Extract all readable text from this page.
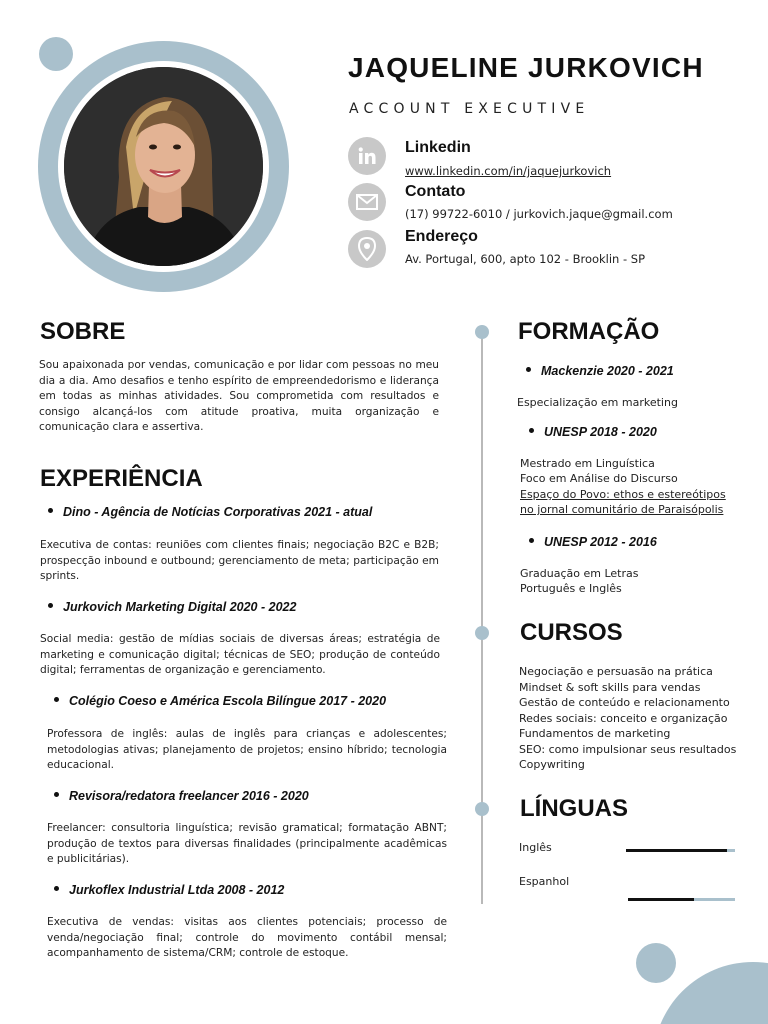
JAQUELINE JURKOVICH
ACCOUNT EXECUTIVE
Linkedin
www.linkedin.com/in/jaquejurkovich
Contato
(17) 99722-6010 / jurkovich.jaque@gmail.com
Endereço
Av. Portugal, 600, apto 102 - Brooklin - SP
SOBRE
Sou apaixonada por vendas, comunicação e por lidar com pessoas no meu dia a dia. Amo desafios e tenho espírito de empreendedorismo e liderança em todas as minhas atividades. Sou comprometida com resultados e consigo alcançá-los com atitude proativa, muita organização e comunicação clara e assertiva.
EXPERIÊNCIA
Dino - Agência de Notícias Corporativas 2021 - atual
Executiva de contas: reuniões com clientes finais; negociação B2C e B2B; prospecção inbound e outbound; gerenciamento de meta; participação em sprints.
Jurkovich Marketing Digital 2020 - 2022
Social media: gestão de mídias sociais de diversas áreas; estratégia de marketing e comunicação digital; técnicas de SEO; produção de conteúdo digital; ferramentas de organização e gerenciamento.
Colégio Coeso e América Escola Bilíngue 2017 - 2020
Professora de inglês: aulas de inglês para crianças e adolescentes; metodologias ativas; planejamento de projetos; ensino híbrido; tecnologia educacional.
Revisora/redatora freelancer 2016 - 2020
Freelancer: consultoria linguística; revisão gramatical; formatação ABNT; produção de textos para diversas finalidades (principalmente acadêmicas e publicitárias).
Jurkoflex Industrial Ltda 2008 - 2012
Executiva de vendas: visitas aos clientes potenciais; processo de venda/negociação final; controle do movimento contábil mensal; acompanhamento de sistema/CRM; controle de estoque.
FORMAÇÃO
Mackenzie 2020 - 2021
Especialização em marketing
UNESP 2018 - 2020
Mestrado em Linguística
Foco em Análise do Discurso
Espaço do Povo: ethos e estereótipos
no jornal comunitário de Paraisópolis
UNESP 2012 - 2016
Graduação em Letras
Português e Inglês
CURSOS
Negociação e persuasão na prática
Mindset & soft skills para vendas
Gestão de conteúdo e relacionamento
Redes sociais: conceito e organização
Fundamentos de marketing
SEO: como impulsionar seus resultados
Copywriting
LÍNGUAS
Inglês
Espanhol
